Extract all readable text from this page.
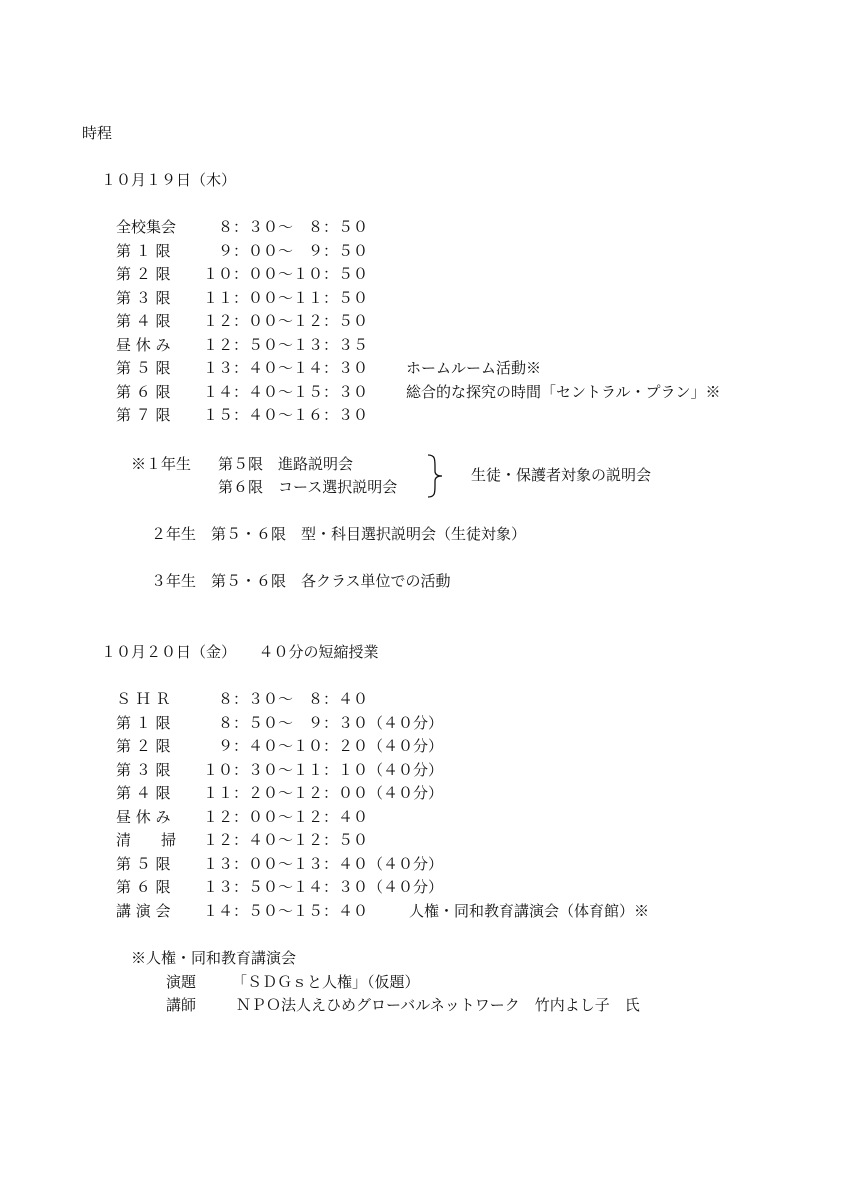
時程

１０月１９日（木）

全校集会	８：３０～　８：５０

第 １ 限	９：００～　９：５０

第 ２ 限 １０：００～１０：５０

第 ３ 限 １１：００～１１：５０

第 ４ 限 １２：００～１２：５０

昼 休 み １２：５０～１３：３５

第 ５ 限 １３：４０～１４：３０	ホームルーム活動※

第 ６ 限 １４：４０～１５：３０	総合的な探究の時間「セントラル・プラン」※

第 ７ 限 １５：４０～１６：３０

※１年生 第５限　進路説明会

第６限　コース選択説明会

生徒・保護者対象の説明会

２年生　第５・６限　型・科目選択説明会（生徒対象）

３年生　第５・６限　各クラス単位での活動

１０月２０日（金）　　４０分の短縮授業

Ｓ Ｈ Ｒ	８：３０～　８：４０

第 １ 限	８：５０～　９：３０（４０分）

第 ２ 限	９：４０～１０：２０（４０分）

第 ３ 限 １０：３０～１１：１０（４０分）

第 ４ 限 １１：２０～１２：００（４０分）

昼 休 み １２：００～１２：４０

清　　掃 １２：４０～１２：５０

第 ５ 限 １３：００～１３：４０（４０分）

第 ６ 限 １３：５０～１４：３０（４０分）

講 演 会 １４：５０～１５：４０	人権・同和教育講演会（体育館）※

※人権・同和教育講演会

演題 「ＳＤＧｓと人権」（仮題）

講師	ＮＰＯ法人えひめグローバルネットワーク　竹内よし子　氏
